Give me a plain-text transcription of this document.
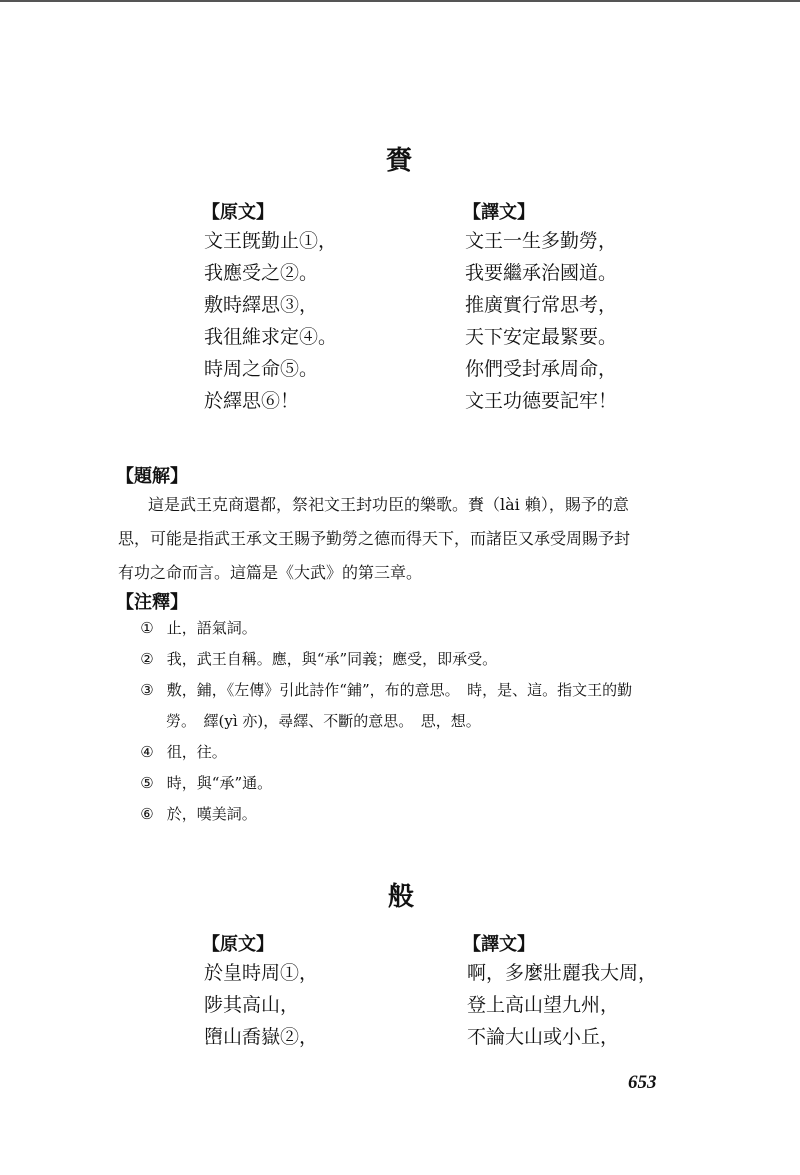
賚
【原文】	【譯文】
文王旣勤止①，
我應受之②。
敷時繹思③，
我徂維求定④。
時周之命⑤。
於繹思⑥！
文王一生多勤勞，
我要繼承治國道。
推廣實行常思考，
天下安定最緊要。
你們受封承周命，
文王功德要記牢！
【題解】
這是武王克商還都，祭祀文王封功臣的樂歌。賚（lài 賴），賜予的意
思，可能是指武王承文王賜予勤勞之德而得天下，而諸臣又承受周賜予封
有功之命而言。這篇是《大武》的第三章。
【注釋】
① 止，語氣詞。
② 我，武王自稱。應，與“承”同義；應受，即承受。
③ 敷，鋪，《左傳》引此詩作“鋪”，布的意思。　時，是、這。指文王的勤
勞。　繹(yì 亦)，尋繹、不斷的意思。　思，想。
④ 徂，往。
⑤ 時，與“承”通。
⑥ 於，嘆美詞。
般
【原文】	【譯文】
於皇時周①，
陟其高山，
嶞山喬嶽②，
啊，多麼壯麗我大周，
登上高山望九州，
不論大山或小丘，
653
